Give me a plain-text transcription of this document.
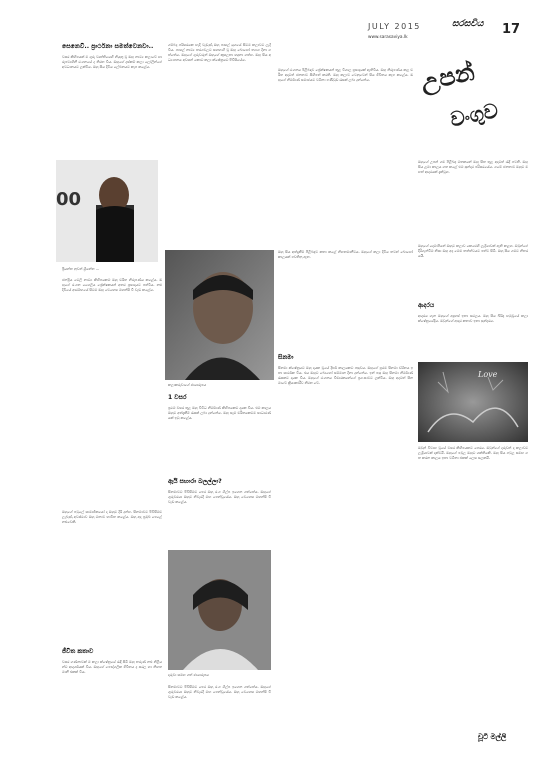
JULY 2015	සරසවිය 17
www.sarasaviya.lk
සෙනෙවි.. ප්‍රාර්ථනා සමත්වෙනවා..
වසර කිහිපයක් ම ගුරු වෘත්තියෙහි නියුතු වූ ඔහු නාට්‍ය කලාවේ හා රූපවාහිනී රංගනයේ ද නිරත විය. ඔහුගේ දස්කම් කලා ලෝලීන්ගේ අවධානයට ලක්විය. ඔහු සිය දිවිය ලේඛනයට කැප කළේය.
00
ප්‍රියන්ත නුවන් ශ්‍රියන්ත ...
ජනප්‍රිය ටෙලි නාට්‍ය කිහිපයකම ඔහු චරිත නිරූපණය කළේය. ඔහුගේ රංගන ශෛලිය ප්‍රේක්ෂකයන් අතර ප්‍රසාදයට පත්විය. නළු දිවියේ ආරම්භයේ සිටම ඔහු වෙහෙස මහන්සි වී වැඩ කළේය.
ඔහුගේ පවුලේ සාමාජිකයෝ ද ඔහුට දිරි දුන්හ. සිනමාවට පිවිසීමට ලැබුණු අවස්ථාව ඔහු මනාව භාවිත කළේය. ඔහු අද ප්‍රමුඛ පෙළේ නළුවෙකි.
ජීවිත කතාව
වසර ගණනාවක් ම කලා ක්ෂේත්‍රයේ රැඳී සිටි ඔහු තරුණ නළු නිළියන්ට ආදර්ශයක් විය. ඔහුගේ පෞද්ගලික ජීවිතය ද සරල හා නිහතමානී එකක් විය.
ගම්බද පරිසරයක හැදී වැඩුණු ඔහු පාසල් යුගයේ සිටම කලාවට ලැදි විය. පාසල් නාට්‍ය තරගවලට සහභාගී වූ ඔහු බොහෝ ත්‍යාග දිනා ගත්තේය. ඔහුගේ ගුරුවරුන් ඔහුගේ කුසලතා හඳුනා ගත්හ. ඔහු සිය අධ්‍යාපනය අවසන් කොට කලා ක්ෂේත්‍රයට පිවිසියේය.
කලාකරුවාගේ ඡායාරූපය
1 වසර
ප්‍රථම වසර තුළ ඔහු විවිධ නිර්මාණ කිහිපයකට දායක විය. එම කාලය ඔහුට අත්දැකීම් රැසක් ලබා දුන්නේය. ඔහු සෑම චරිතයකටම සාධාරණයක් ඉටු කළේය.
ඇයි සහාරා බලල්ලා?
සිනමාවට පිවිසීමට පෙර ඔහු රංග ශිල්ප ඉගෙන ගත්තේය. ඔහුගේ ගුරුවරයා ඔහුට නිවැරදි මඟ පෙන්වූයේය. ඔහු වෙහෙස මහන්සි වී වැඩ කළේය.
දරුවා සමඟ ගත් ඡායාරූපය
සිනමාවට පිවිසීමට පෙර ඔහු රංග ශිල්ප ඉගෙන ගත්තේය. ඔහුගේ ගුරුවරයා ඔහුට නිවැරදි මඟ පෙන්වූයේය. ඔහු වෙහෙස මහන්සි වී වැඩ කළේය.
ඔහුගේ රංගනය පිළිබඳව ප්‍රේක්ෂකයන් තුළ විශාල ප්‍රසාදයක් ඇතිවිය. ඔහු නිරූපණය කළ චරිත අදටත් ජනතාව සිහිපත් කරති. ඔහු කලාව වෙනුවෙන් සිය ජීවිතය කැප කළේය. ඔහුගේ නිර්මාණ සමාජයට වටිනා පණිවුඩ රැසක් ලබා දුන්නේය.
ඔහු සිය අත්දැකීම් පිළිබඳව කතා කළේ නිහතමානීවය. ඔහුගේ කලා දිවිය තවත් බොහෝ කාලයක් පවතිනු ඇත.
සිනමා
සිනමා ක්ෂේත්‍රයට ඔහු දායක වූයේ දීර්ඝ කාලයකට පසුවය. ඔහුගේ ප්‍රථම සිනමා චරිතය ඉතා සාර්ථක විය. එය ඔහුට බොහෝ සම්මාන දිනා දුන්නේය. ඉන් පසු ඔහු සිනමා නිර්මාණ රැසකට දායක විය. ඔහුගේ රංගනය විචාරකයන්ගේ ප්‍රශංසාවට ලක්විය. ඔහු අදටත් සිනමාවේ ක්‍රියාකාරීව නිරත වේ.
උපන්
වංගුව
ඔහුගේ උපන් ගම පිළිබඳ මතකයන් ඔහු සිත තුළ අදටත් රැඳී පවතී. ඔහු සිය ළමා කාලය ගත කළේ එම සුන්දර පරිසරයේය. ගමේ ජනතාව ඔහුට මහත් ආදරයක් දැක්වූහ.
ඔහුගේ දෙමාපියන් ඔහුට කලාව කෙරෙහි ලැදියාවක් ඇති කළහ. ඔවුන්ගේ දිරිගැන්වීම නිසා ඔහු අද මෙම තත්ත්වයට පත්ව සිටී. ඔහු සිය ගමට නිතර යයි.
ආදරය
ආදරය ගැන ඔහුගේ අදහස් ඉතා සරලය. ඔහු සිය බිරිඳ හමුවූයේ කලා ක්ෂේත්‍රයේදීය. ඔවුන්ගේ ආදර කතාව ඉතා සුන්දරය.
Love
ඔවුන් විවාහ වූයේ වසර කිහිපයකට පෙරය. ඔවුන්ගේ දරුවන් ද කලාවට ලැදියාවක් දක්වයි. ඔහුගේ පවුල ඔහුට ශක්තියකි. ඔහු සිය පවුල සමඟ ගත කරන කාලය ඉතා වටිනා එකක් ලෙස සලකයි.
චූටි මල්ලි
